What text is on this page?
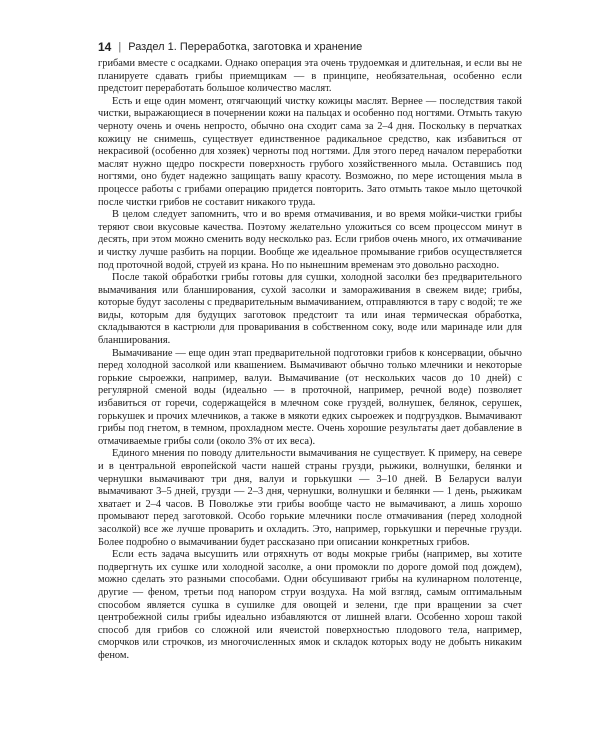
14 | Раздел 1. Переработка, заготовка и хранение

грибами вместе с осадками. Однако операция эта очень трудоемкая и длительная, и если вы не планируете сдавать грибы приемщикам — в принципе, необязательная, особенно если предстоит переработать большое количество маслят.

Есть и еще один момент, отягчающий чистку кожицы маслят. Вернее — последствия такой чистки, выражающиеся в почернении кожи на пальцах и особенно под ногтями. Отмыть такую черноту очень и очень непросто, обычно она сходит сама за 2–4 дня. Поскольку в перчатках кожицу не снимешь, существует единственное радикальное средство, как избавиться от некрасивой (особенно для хозяек) черноты под ногтями. Для этого перед началом переработки маслят нужно щедро поскрести поверхность грубого хозяйственного мыла. Оставшись под ногтями, оно будет надежно защищать вашу красоту. Возможно, по мере истощения мыла в процессе работы с грибами операцию придется повторить. Зато отмыть такое мыло щеточкой после чистки грибов не составит никакого труда.

В целом следует запомнить, что и во время отмачивания, и во время мойки-чистки грибы теряют свои вкусовые качества. Поэтому желательно уложиться со всем процессом минут в десять, при этом можно сменить воду несколько раз. Если грибов очень много, их отмачивание и чистку лучше разбить на порции. Вообще же идеальное промывание грибов осуществляется под проточной водой, струей из крана. Но по нынешним временам это довольно расходно.

После такой обработки грибы готовы для сушки, холодной засолки без предварительного вымачивания или бланширования, сухой засолки и замораживания в свежем виде; грибы, которые будут засолены с предварительным вымачиванием, отправляются в тару с водой; те же виды, которым для будущих заготовок предстоит та или иная термическая обработка, складываются в кастрюли для проваривания в собственном соку, воде или маринаде или для бланширования.

Вымачивание — еще один этап предварительной подготовки грибов к консервации, обычно перед холодной засолкой или квашением. Вымачивают обычно только млечники и некоторые горькие сыроежки, например, валуи. Вымачивание (от нескольких часов до 10 дней) с регулярной сменой воды (идеально — в проточной, например, речной воде) позволяет избавиться от горечи, содержащейся в млечном соке груздей, волнушек, белянок, серушек, горькушек и прочих млечников, а также в мякоти едких сыроежек и подгруздков. Вымачивают грибы под гнетом, в темном, прохладном месте. Очень хорошие результаты дает добавление в отмачиваемые грибы соли (около 3% от их веса).

Единого мнения по поводу длительности вымачивания не существует. К примеру, на севере и в центральной европейской части нашей страны грузди, рыжики, волнушки, белянки и чернушки вымачивают три дня, валуи и горькушки — 3–10 дней. В Беларуси валуи вымачивают 3–5 дней, грузди — 2–3 дня, чернушки, волнушки и белянки — 1 день, рыжикам хватает и 2–4 часов. В Поволжье эти грибы вообще часто не вымачивают, а лишь хорошо промывают перед заготовкой. Особо горькие млечники после отмачивания (перед холодной засолкой) все же лучше проварить и охладить. Это, например, горькушки и перечные грузди. Более подробно о вымачивании будет рассказано при описании конкретных грибов.

Если есть задача высушить или отряхнуть от воды мокрые грибы (например, вы хотите подвергнуть их сушке или холодной засолке, а они промокли по дороге домой под дождем), можно сделать это разными способами. Одни обсушивают грибы на кулинарном полотенце, другие — феном, третьи под напором струи воздуха. На мой взгляд, самым оптимальным способом является сушка в сушилке для овощей и зелени, где при вращении за счет центробежной силы грибы идеально избавляются от лишней влаги. Особенно хорош такой способ для грибов со сложной или ячеистой поверхностью плодового тела, например, сморчков или строчков, из многочисленных ямок и складок которых воду не добыть никаким феном.
